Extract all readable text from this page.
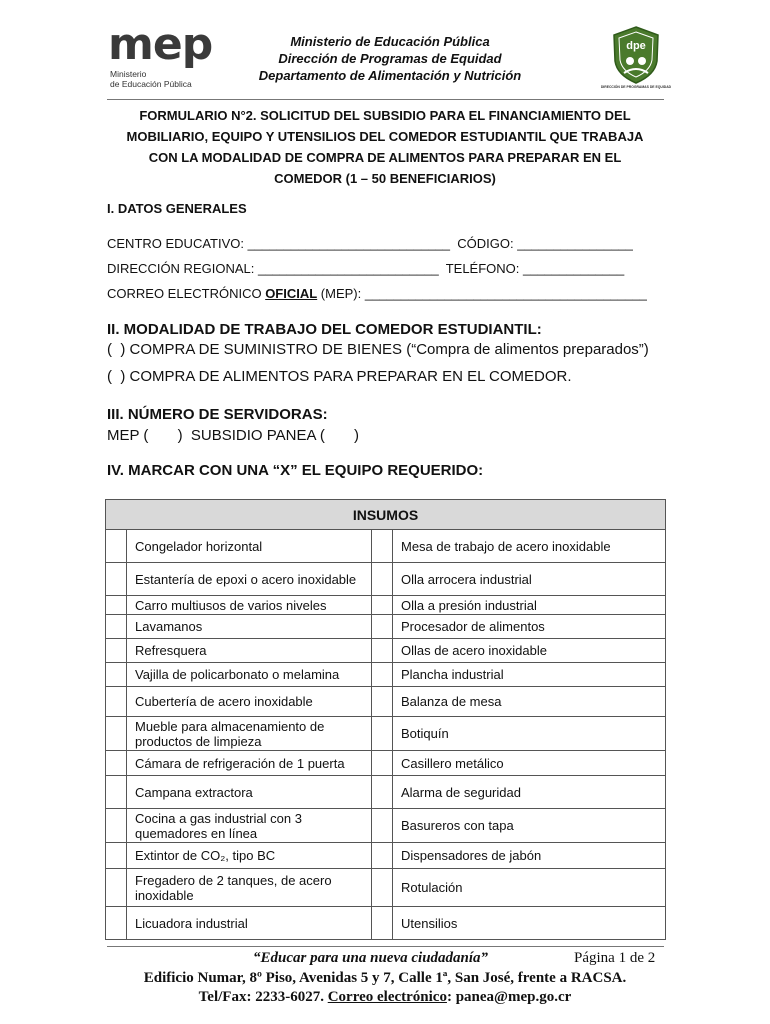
mep
Ministerio
de Educación Pública
dpe
DIRECCIÓN DE PROGRAMAS DE EQUIDAD
Ministerio de Educación Pública
Dirección de Programas de Equidad
Departamento de Alimentación y Nutrición
FORMULARIO N°2. SOLICITUD DEL SUBSIDIO PARA EL FINANCIAMIENTO DEL
MOBILIARIO, EQUIPO Y UTENSILIOS DEL COMEDOR ESTUDIANTIL QUE TRABAJA
CON LA MODALIDAD DE COMPRA DE ALIMENTOS PARA PREPARAR EN EL
COMEDOR (1 – 50 BENEFICIARIOS)
I. DATOS GENERALES
CENTRO EDUCATIVO: ____________________________  CÓDIGO: ________________
DIRECCIÓN REGIONAL: _________________________  TELÉFONO: ______________
CORREO ELECTRÓNICO OFICIAL (MEP): _______________________________________
II. MODALIDAD DE TRABAJO DEL COMEDOR ESTUDIANTIL:
(  ) COMPRA DE SUMINISTRO DE BIENES (“Compra de alimentos preparados”)
(  ) COMPRA DE ALIMENTOS PARA PREPARAR EN EL COMEDOR.
III. NÚMERO DE SERVIDORAS:
MEP (       )  SUBSIDIO PANEA (       )
IV. MARCAR CON UNA “X” EL EQUIPO REQUERIDO:
INSUMOS			
	Congelador horizontal		Mesa de trabajo de acero inoxidable
	Estantería de epoxi o acero inoxidable		Olla arrocera industrial
	Carro multiusos de varios niveles		Olla a presión industrial
	Lavamanos		Procesador de alimentos
	Refresquera		Ollas de acero inoxidable
	Vajilla de policarbonato o melamina		Plancha industrial
	Cubertería de acero inoxidable		Balanza de mesa
	Mueble para almacenamiento de productos de limpieza		Botiquín
	Cámara de refrigeración de 1 puerta		Casillero metálico
	Campana extractora		Alarma de seguridad
	Cocina a gas industrial con 3 quemadores en línea		Basureros con tapa
	Extintor de CO₂, tipo BC		Dispensadores de jabón
	Fregadero de 2 tanques, de acero inoxidable		Rotulación
	Licuadora industrial		Utensilios
“Educar para una nueva ciudadanía”	Página 1 de 2
Edificio Numar, 8º Piso, Avenidas 5 y 7, Calle 1ª, San José, frente a RACSA.
Tel/Fax: 2233-6027. Correo electrónico: panea@mep.go.cr
